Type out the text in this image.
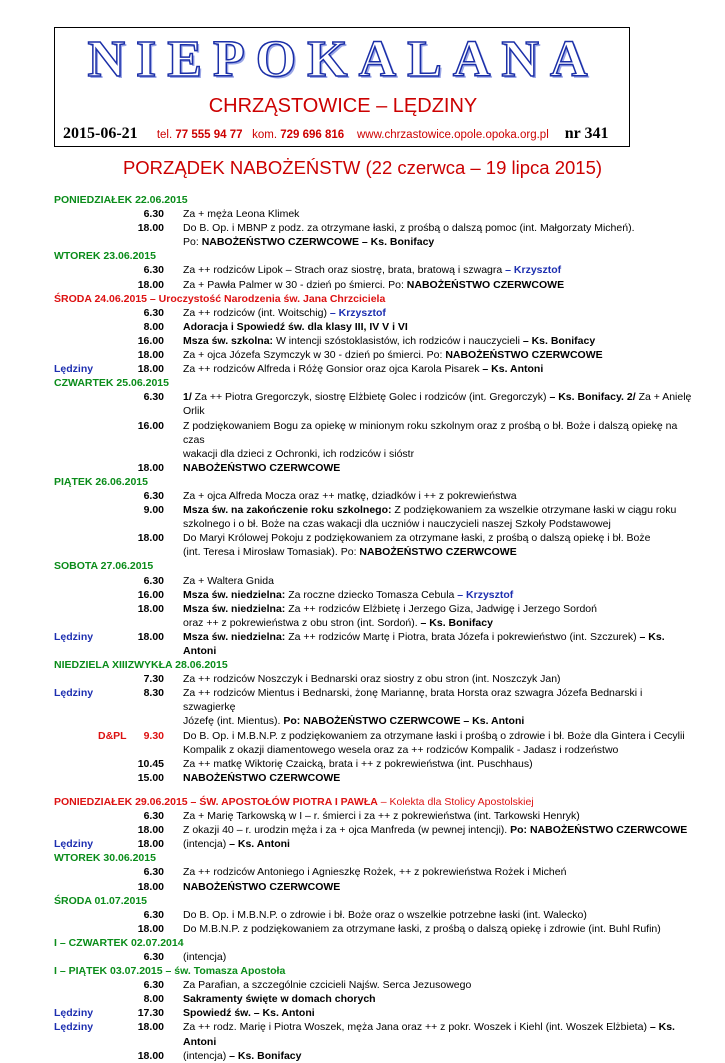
NIEPOKALANA
CHRZĄSTOWICE – LĘDZINY
2015-06-21 tel. 77 555 94 77 kom. 729 696 816 www.chrzastowice.opole.opoka.org.pl nr 341
PORZĄDEK NABOŻEŃSTW (22 czerwca – 19 lipca 2015)
PONIEDZIAŁEK 22.06.2015
6.30	Za + męża Leona Klimek
18.00	Do B. Op. i MBNP z podz. za otrzymane łaski, z prośbą o dalszą pomoc (int. Małgorzaty Micheń).
Po: NABOŻEŃSTWO CZERWCOWE – Ks. Bonifacy
WTOREK 23.06.2015
6.30	Za ++ rodziców Lipok – Strach oraz siostrę, brata, bratową i szwagra – Krzysztof
18.00	Za + Pawła Palmer w 30 - dzień po śmierci. Po: NABOŻEŃSTWO CZERWCOWE
ŚRODA 24.06.2015 – Uroczystość Narodzenia św. Jana Chrzciciela
6.30	Za ++ rodziców (int. Woitschig) – Krzysztof
8.00	Adoracja i Spowiedź św. dla klasy III, IV V i VI
16.00	Msza św. szkolna: W intencji szóstoklasistów, ich rodziców i nauczycieli – Ks. Bonifacy
18.00	Za + ojca Józefa Szymczyk w 30 - dzień po śmierci. Po: NABOŻEŃSTWO CZERWCOWE
Lędziny	18.00	Za ++ rodziców Alfreda i Różę Gonsior oraz ojca Karola Pisarek – Ks. Antoni
CZWARTEK 25.06.2015
6.30	1/ Za ++ Piotra Gregorczyk, siostrę Elżbietę Golec i rodziców (int. Gregorczyk) – Ks. Bonifacy. 2/ Za + Anielę Orlik
16.00	Z podziękowaniem Bogu za opiekę w minionym roku szkolnym oraz z prośbą o bł. Boże i dalszą opiekę na czas
wakacji dla dzieci z Ochronki, ich rodziców i sióstr
18.00	NABOŻEŃSTWO CZERWCOWE
PIĄTEK 26.06.2015
6.30	Za + ojca Alfreda Mocza oraz ++ matkę, dziadków i ++ z pokrewieństwa
9.00	Msza św. na zakończenie roku szkolnego: Z podziękowaniem za wszelkie otrzymane łaski w ciągu roku
szkolnego i o bł. Boże na czas wakacji dla uczniów i nauczycieli naszej Szkoły Podstawowej
18.00	Do Maryi Królowej Pokoju z podziękowaniem za otrzymane łaski, z prośbą o dalszą opiekę i bł. Boże
(int. Teresa i Mirosław Tomasiak). Po: NABOŻEŃSTWO CZERWCOWE
SOBOTA 27.06.2015
6.30	Za + Waltera Gnida
16.00	Msza św. niedzielna: Za roczne dziecko Tomasza Cebula – Krzysztof
18.00	Msza św. niedzielna: Za ++ rodziców Elżbietę i Jerzego Giza, Jadwigę i Jerzego Sordoń
oraz ++ z pokrewieństwa z obu stron (int. Sordoń). – Ks. Bonifacy
Lędziny	18.00	Msza św. niedzielna: Za ++ rodziców Martę i Piotra, brata Józefa i pokrewieństwo (int. Szczurek) – Ks. Antoni
NIEDZIELA XIIIZWYKŁA 28.06.2015
7.30	Za ++ rodziców Noszczyk i Bednarski oraz siostry z obu stron (int. Noszczyk Jan)
Lędziny	8.30	Za ++ rodziców Mientus i Bednarski, żonę Mariannę, brata Horsta oraz szwagra Józefa Bednarski i szwagierkę
Józefę (int. Mientus). Po: NABOŻEŃSTWO CZERWCOWE – Ks. Antoni
D&PL	9.30	Do B. Op. i M.B.N.P. z podziękowaniem za otrzymane łaski i prośbą o zdrowie i bł. Boże dla Gintera i Cecylii
Kompalik z okazji diamentowego wesela oraz za ++ rodziców Kompalik - Jadasz i rodzeństwo
10.45	Za ++ matkę Wiktorię Czaicką, brata i ++ z pokrewieństwa (int. Puschhaus)
15.00	NABOŻEŃSTWO CZERWCOWE
PONIEDZIAŁEK 29.06.2015 – ŚW. APOSTOŁÓW PIOTRA I PAWŁA – Kolekta dla Stolicy Apostolskiej
6.30	Za + Marię Tarkowską w I – r. śmierci i za ++ z pokrewieństwa (int. Tarkowski Henryk)
18.00	Z okazji 40 – r. urodzin męża i za + ojca Manfreda (w pewnej intencji). Po: NABOŻEŃSTWO CZERWCOWE
Lędziny	18.00	(intencja) – Ks. Antoni
WTOREK 30.06.2015
6.30	Za ++ rodziców Antoniego i Agnieszkę Rożek, ++ z pokrewieństwa Rożek i Micheń
18.00	NABOŻEŃSTWO CZERWCOWE
ŚRODA 01.07.2015
6.30	Do B. Op. i M.B.N.P. o zdrowie i bł. Boże oraz o wszelkie potrzebne łaski (int. Walecko)
18.00	Do M.B.N.P. z podziękowaniem za otrzymane łaski, z prośbą o dalszą opiekę i zdrowie (int. Buhl Rufin)
I – CZWARTEK 02.07.2014
6.30	(intencja)
I – PIĄTEK 03.07.2015 – św. Tomasza Apostoła
6.30	Za Parafian, a szczególnie czcicieli Najśw. Serca Jezusowego
8.00	Sakramenty święte w domach chorych
Lędziny	17.30	Spowiedź św. – Ks. Antoni
Lędziny	18.00	Za ++ rodz. Marię i Piotra Woszek, męża Jana oraz ++ z pokr. Woszek i Kiehl (int. Woszek Elżbieta) – Ks. Antoni
18.00	(intencja) – Ks. Bonifacy
